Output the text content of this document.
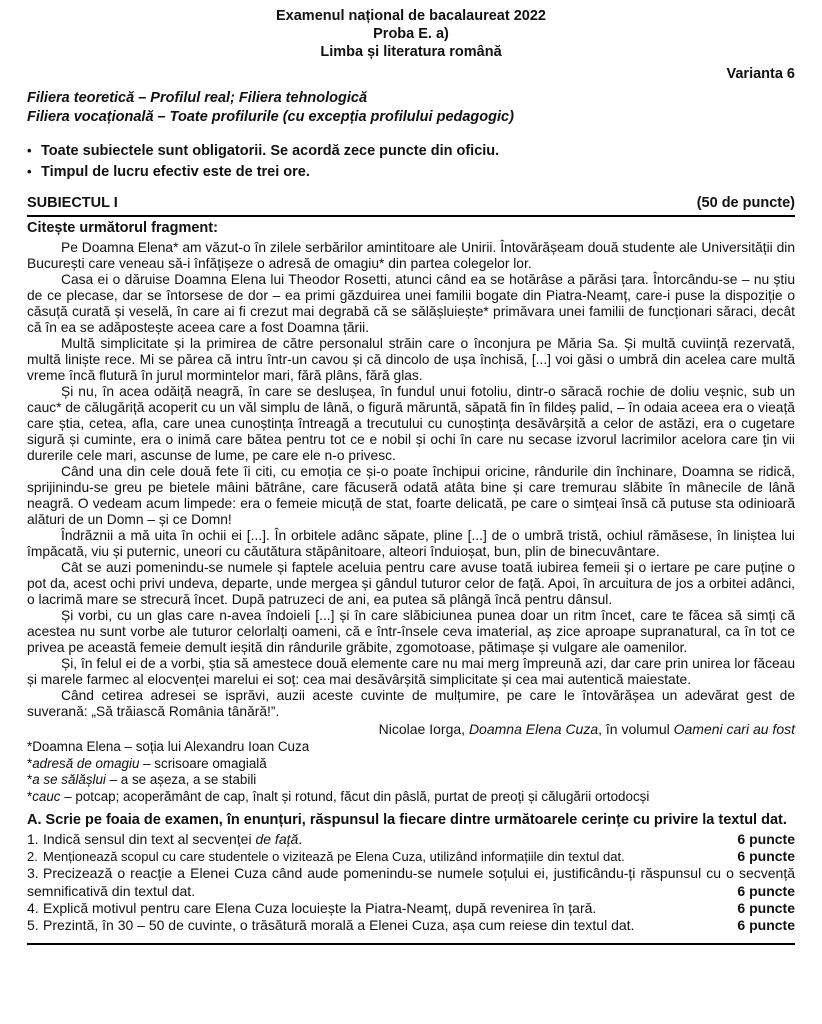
Examenul național de bacalaureat 2022
Proba E. a)
Limba și literatura română
Varianta 6
Filiera teoretică – Profilul real; Filiera tehnologică
Filiera vocațională – Toate profilurile (cu excepția profilului pedagogic)
•
Toate subiectele sunt obligatorii. Se acordă zece puncte din oficiu.
•
Timpul de lucru efectiv este de trei ore.
SUBIECTUL I	(50 de puncte)
Citește următorul fragment:

Pe Doamna Elena* am văzut-o în zilele serbărilor amintitoare ale Unirii. Întovărășeam două studente ale Universității din București care veneau să-i înfățișeze o adresă de omagiu* din partea colegelor lor.

Casa ei o dăruise Doamna Elena lui Theodor Rosetti, atunci când ea se hotărâse a părăsi țara. Întorcându-se – nu știu de ce plecase, dar se întorsese de dor – ea primi găzduirea unei familii bogate din Piatra-Neamț, care-i puse la dispoziție o căsuță curată și veselă, în care ai fi crezut mai degrabă că se sălășluiește* primăvara unei familii de funcționari săraci, decât că în ea se adăpostește aceea care a fost Doamna țării.

Multă simplicitate și la primirea de către personalul străin care o înconjura pe Măria Sa. Și multă cuviință rezervată, multă liniște rece. Mi se părea că intru într-un cavou și că dincolo de ușa închisă, [...] voi găsi o umbră din acelea care multă vreme încă flutură în jurul mormintelor mari, fără plâns, fără glas.

Și nu, în acea odăiță neagră, în care se deslușea, în fundul unui fotoliu, dintr-o săracă rochie de doliu veșnic, sub un cauc* de călugăriță acoperit cu un văl simplu de lână, o figură măruntă, săpată fin în fildeș palid, – în odaia aceea era o vieață care știa, cetea, afla, care unea cunoștința întreagă a trecutului cu cunoștința desăvârșită a celor de astăzi, era o cugetare sigură și cuminte, era o inimă care bătea pentru tot ce e nobil și ochi în care nu secase izvorul lacrimilor acelora care țin vii durerile cele mari, ascunse de lume, pe care ele n-o privesc.

Când una din cele două fete îi citi, cu emoția ce și-o poate închipui oricine, rândurile din închinare, Doamna se ridică, sprijinindu-se greu pe bietele mâini bătrâne, care făcuseră odată atâta bine și care tremurau slăbite în mânecile de lână neagră. O vedeam acum limpede: era o femeie micuță de stat, foarte delicată, pe care o simțeai însă că putuse sta odinioară alături de un Domn – și ce Domn!

Îndrăznii a mă uita în ochii ei [...]. În orbitele adânc săpate, pline [...] de o umbră tristă, ochiul rămăsese, în liniștea lui împăcată, viu și puternic, uneori cu căutătura stăpânitoare, alteori înduioșat, bun, plin de binecuvântare.

Cât se auzi pomenindu-se numele și faptele aceluia pentru care avuse toată iubirea femeii și o iertare pe care puține o pot da, acest ochi privi undeva, departe, unde mergea și gândul tuturor celor de față. Apoi, în arcuitura de jos a orbitei adânci, o lacrimă mare se strecură încet. După patruzeci de ani, ea putea să plângă încă pentru dânsul.

Și vorbi, cu un glas care n-avea îndoieli [...] și în care slăbiciunea punea doar un ritm încet, care te făcea să simți că acestea nu sunt vorbe ale tuturor celorlalți oameni, că e într-însele ceva imaterial, aș zice aproape supranatural, ca în tot ce privea pe această femeie demult ieșită din rândurile grăbite, zgomotoase, pătimașe și vulgare ale oamenilor.

Și, în felul ei de a vorbi, știa să amestece două elemente care nu mai merg împreună azi, dar care prin unirea lor făceau și marele farmec al elocvenței marelui ei soț: cea mai desăvârșită simplicitate și cea mai autentică maiestate.

Când cetirea adresei se isprăvi, auzii aceste cuvinte de mulțumire, pe care le întovărășea un adevărat gest de suverană: „Să trăiască România tânără!”.

Nicolae Iorga, Doamna Elena Cuza, în volumul Oameni cari au fost
*Doamna Elena – soția lui Alexandru Ioan Cuza
*adresă de omagiu – scrisoare omagială
*a se sălășlui – a se așeza, a se stabili
*cauc – potcap; acoperământ de cap, înalt și rotund, făcut din pâslă, purtat de preoți și călugării ortodocși
A. Scrie pe foaia de examen, în enunțuri, răspunsul la fiecare dintre următoarele cerințe cu privire la textul dat.
1. Indică sensul din text al secvenței de față.	6 puncte
2. Menționează scopul cu care studentele o vizitează pe Elena Cuza, utilizând informațiile din textul dat.	6 puncte
3. Precizează o reacție a Elenei Cuza când aude pomenindu-se numele soțului ei, justificându-ți răspunsul cu o secvență semnificativă din textul dat.	6 puncte
4. Explică motivul pentru care Elena Cuza locuiește la Piatra-Neamț, după revenirea în țară.	6 puncte
5. Prezintă, în 30 – 50 de cuvinte, o trăsătură morală a Elenei Cuza, așa cum reiese din textul dat.	6 puncte
